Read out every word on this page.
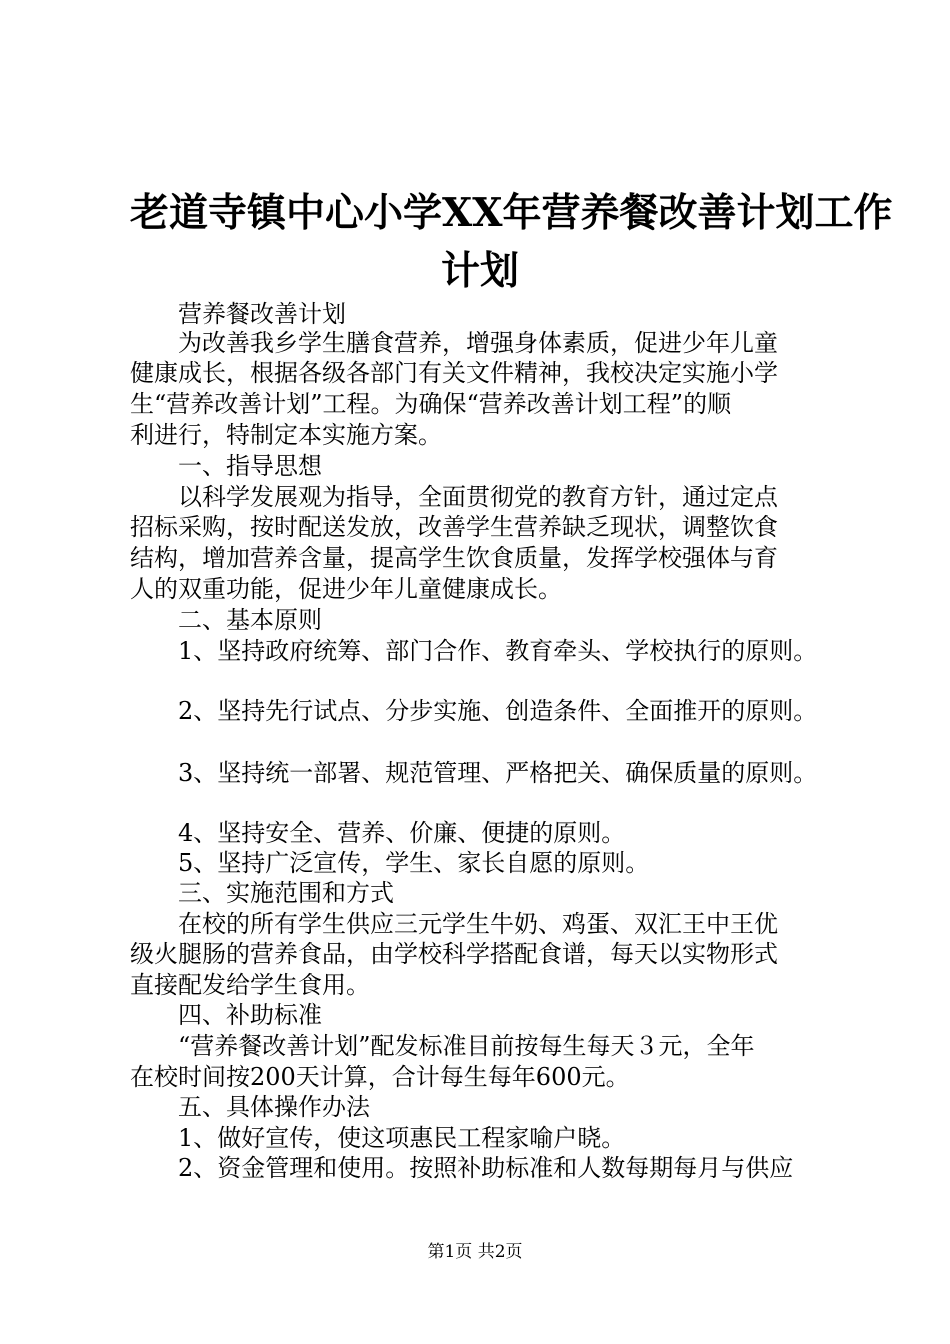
老道寺镇中心小学XX年营养餐改善计划工作
计划
营养餐改善计划
为改善我乡学生膳食营养，增强身体素质，促进少年儿童
健康成长，根据各级各部门有关文件精神，我校决定实施小学
生“营养改善计划”工程。为确保“营养改善计划工程”的顺
利进行，特制定本实施方案。
一、指导思想
以科学发展观为指导，全面贯彻党的教育方针，通过定点
招标采购，按时配送发放，改善学生营养缺乏现状，调整饮食
结构，增加营养含量，提高学生饮食质量，发挥学校强体与育
人的双重功能，促进少年儿童健康成长。
二、基本原则
1、坚持政府统筹、部门合作、教育牵头、学校执行的原则。
2、坚持先行试点、分步实施、创造条件、全面推开的原则。
3、坚持统一部署、规范管理、严格把关、确保质量的原则。
4、坚持安全、营养、价廉、便捷的原则。
5、坚持广泛宣传，学生、家长自愿的原则。
三、实施范围和方式
在校的所有学生供应三元学生牛奶、鸡蛋、双汇王中王优
级火腿肠的营养食品，由学校科学搭配食谱，每天以实物形式
直接配发给学生食用。
四、补助标准
“营养餐改善计划”配发标准目前按每生每天３元，全年
在校时间按200天计算，合计每生每年600元。
五、具体操作办法
1、做好宣传，使这项惠民工程家喻户晓。
2、资金管理和使用。按照补助标准和人数每期每月与供应
第1页 共2页
